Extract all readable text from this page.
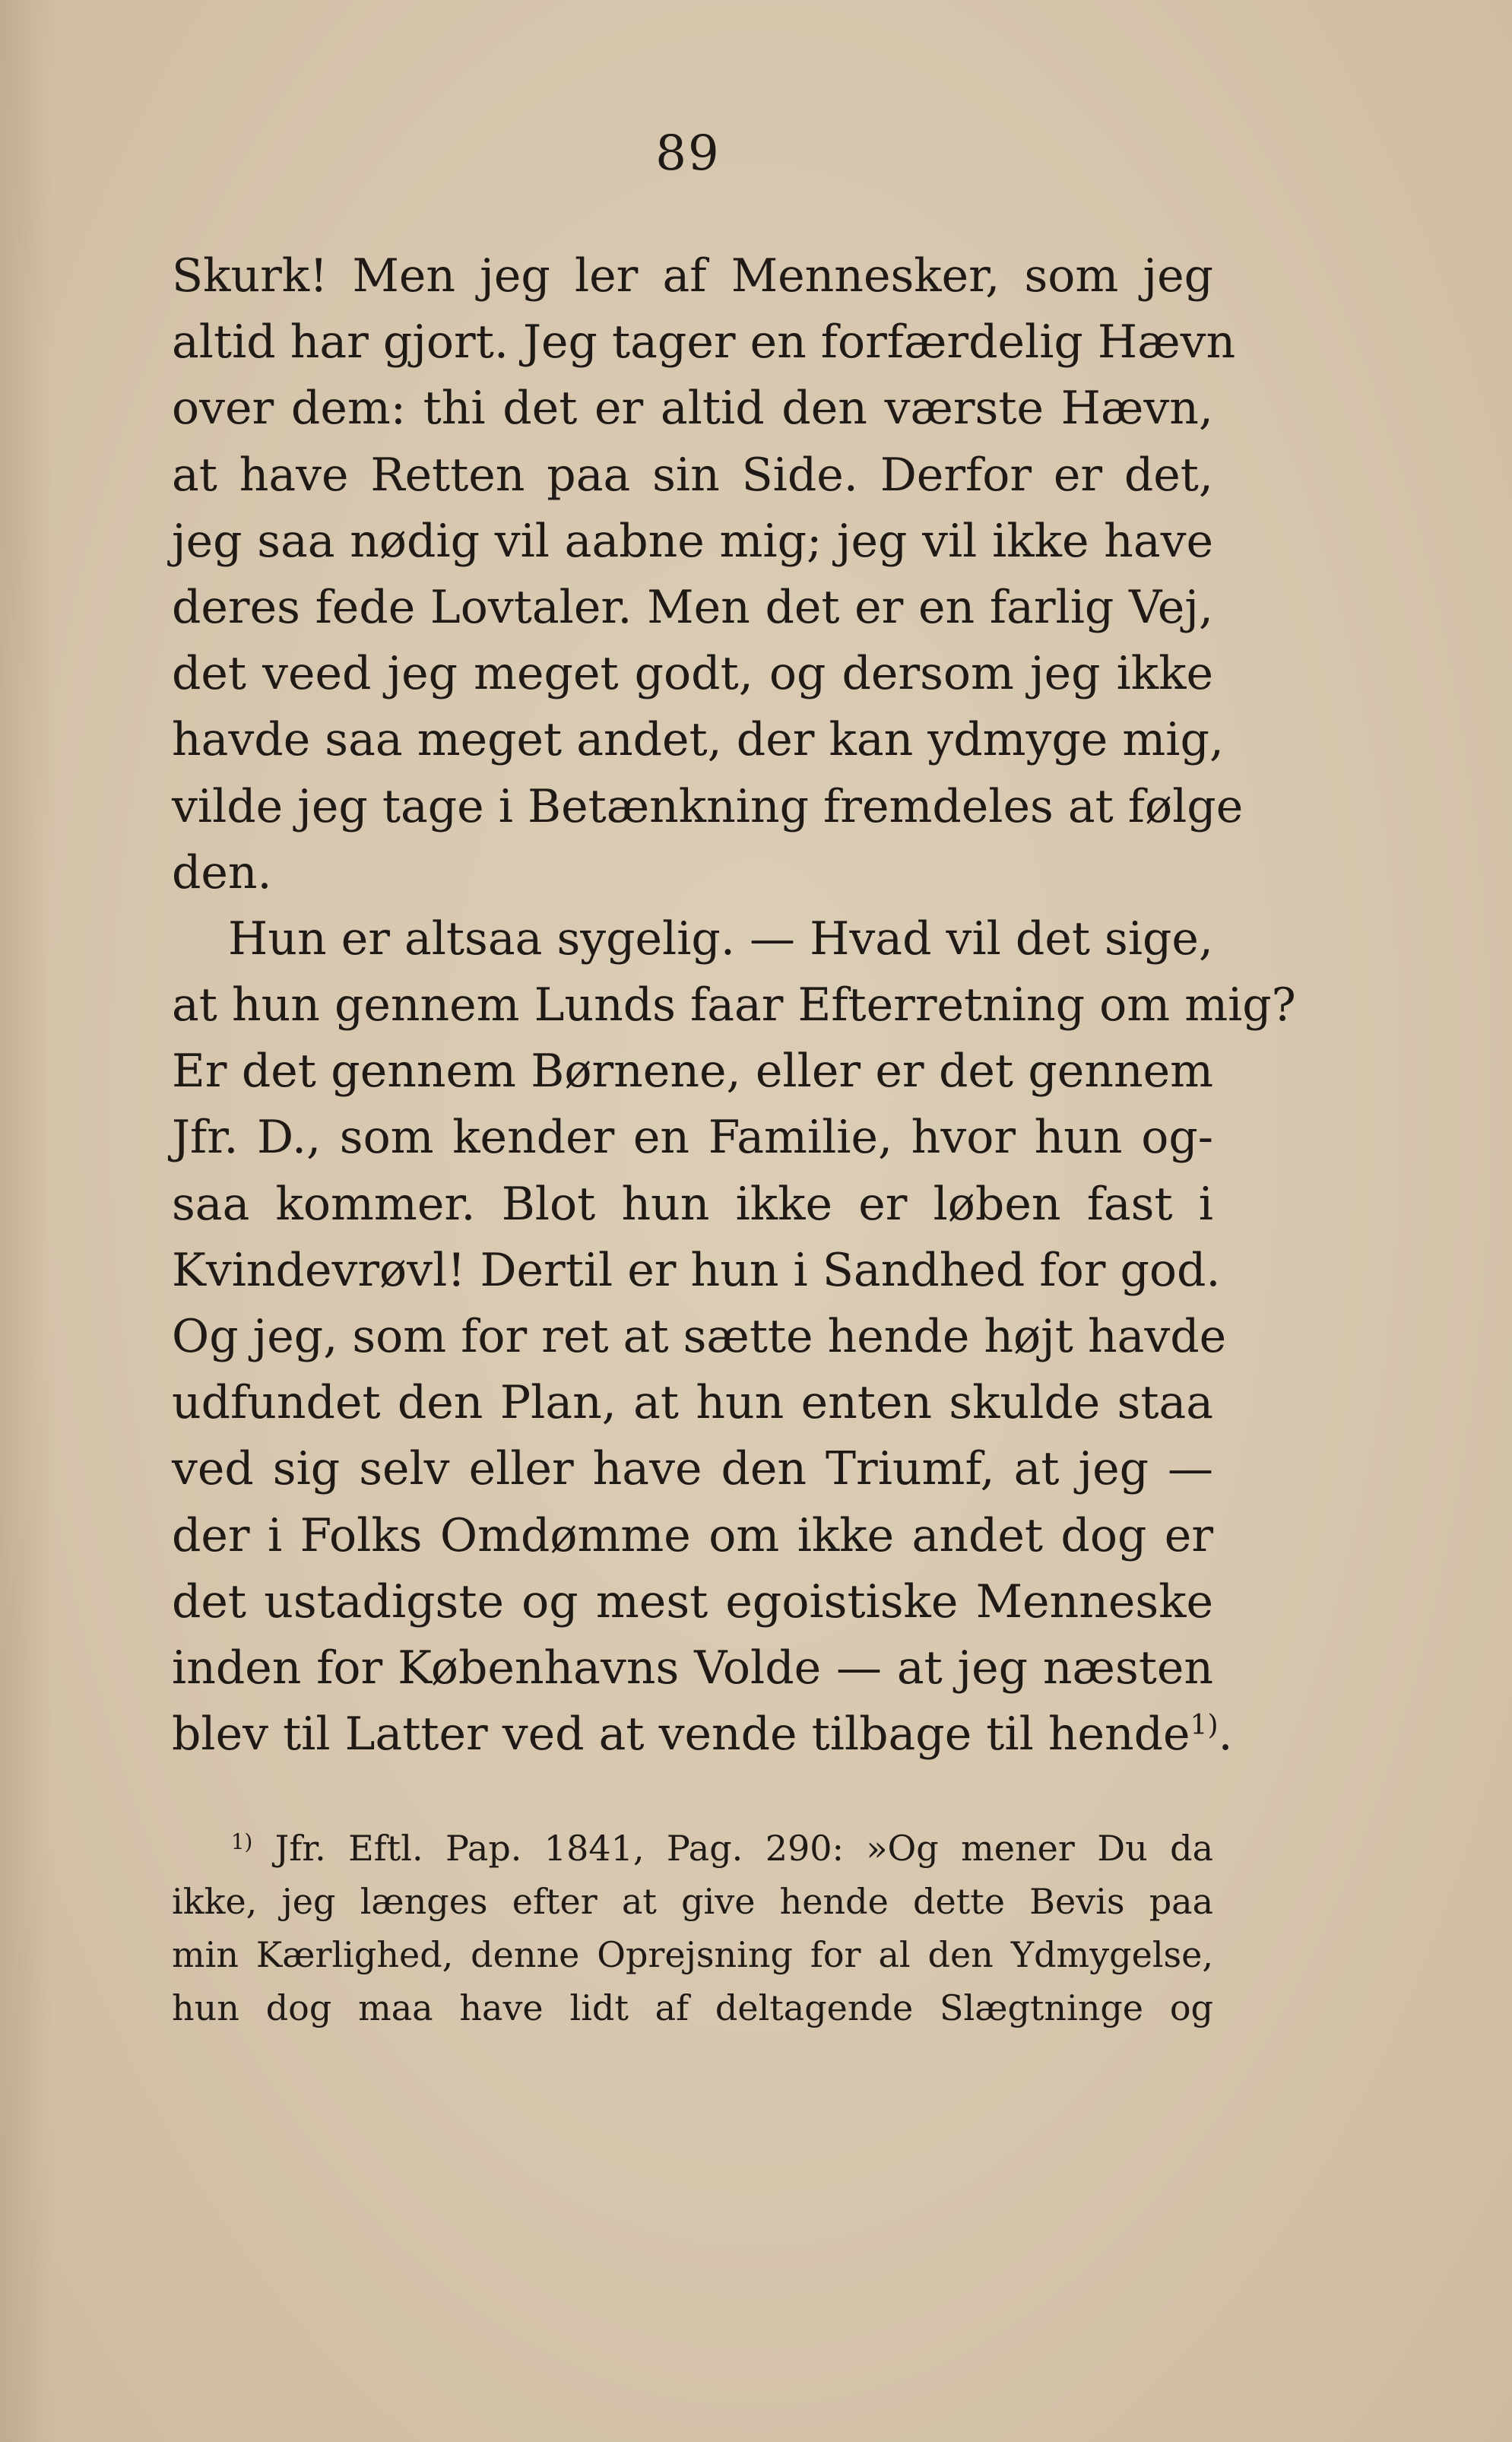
89
Skurk! Men jeg ler af Mennesker, som jeg
altid har gjort. Jeg tager en forfærdelig Hævn
over dem: thi det er altid den værste Hævn,
at have Retten paa sin Side. Derfor er det,
jeg saa nødig vil aabne mig; jeg vil ikke have
deres fede Lovtaler. Men det er en farlig Vej,
det veed jeg meget godt, og dersom jeg ikke
havde saa meget andet, der kan ydmyge mig,
vilde jeg tage i Betænkning fremdeles at følge
den.
Hun er altsaa sygelig. — Hvad vil det sige,
at hun gennem Lunds faar Efterretning om mig?
Er det gennem Børnene, eller er det gennem
Jfr. D., som kender en Familie, hvor hun og-
saa kommer. Blot hun ikke er løben fast i
Kvindevrøvl! Dertil er hun i Sandhed for god.
Og jeg, som for ret at sætte hende højt havde
udfundet den Plan, at hun enten skulde staa
ved sig selv eller have den Triumf, at jeg —
der i Folks Omdømme om ikke andet dog er
det ustadigste og mest egoistiske Menneske
inden for Københavns Volde — at jeg næsten
blev til Latter ved at vende tilbage til hende$^{1)}$.
$^{1)}$ Jfr. Eftl. Pap. 1841, Pag. 290: »Og mener Du da
ikke, jeg længes efter at give hende dette Bevis paa
min Kærlighed, denne Oprejsning for al den Ydmygelse,
hun dog maa have lidt af deltagende Slægtninge og
